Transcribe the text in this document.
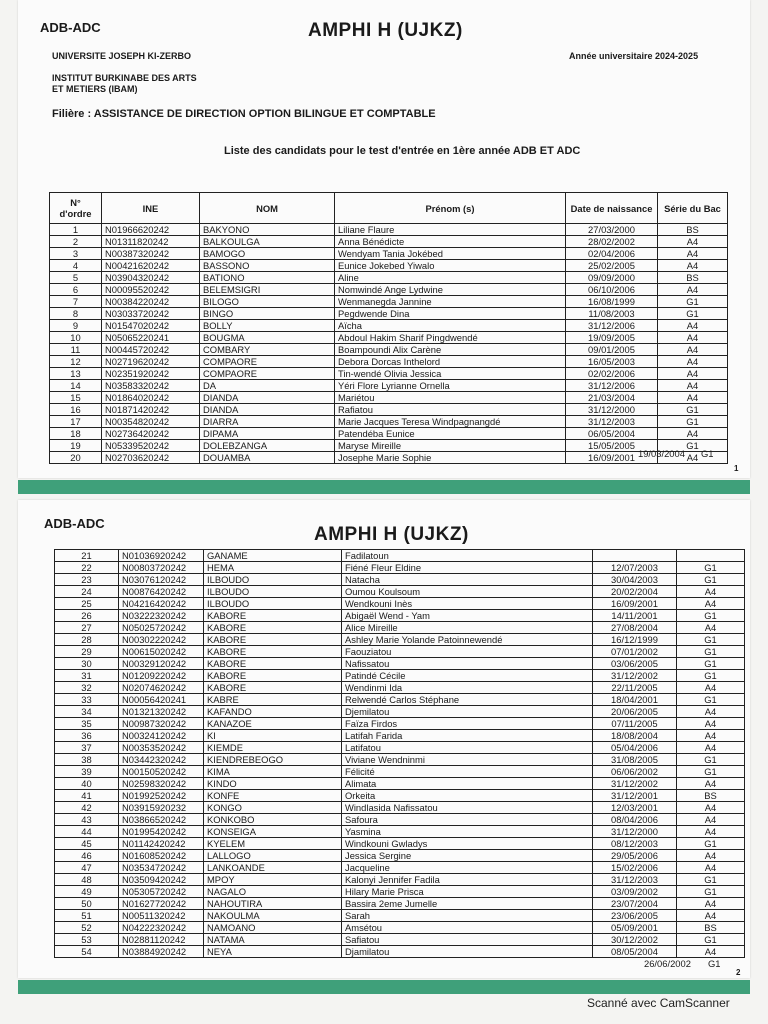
ADB-ADC	AMPHI H (UJKZ)
UNIVERSITE JOSEPH KI-ZERBO	Année universitaire 2024-2025
INSTITUT BURKINABE DES ARTS
ET METIERS (IBAM)
Filière : ASSISTANCE DE DIRECTION OPTION BILINGUE ET COMPTABLE
Liste des candidats pour le test d'entrée en 1ère année ADB ET ADC
N° d'ordre	INE	NOM	Prénom (s)	Date de naissance	Série du Bac
1	N01966620242	BAKYONO	Liliane Flaure	27/03/2000	BS
2	N01311820242	BALKOULGA	Anna Bénédicte	28/02/2002	A4
3	N00387320242	BAMOGO	Wendyam Tania Jokébed	02/04/2006	A4
4	N00421620242	BASSONO	Eunice Jokebed Yiwalo	25/02/2005	A4
5	N03904320242	BATIONO	Aline	09/09/2000	BS
6	N00095520242	BELEMSIGRI	Nomwindé Ange Lydwine	06/10/2006	A4
7	N00384220242	BILOGO	Wenmanegda Jannine	16/08/1999	G1
8	N03033720242	BINGO	Pegdwende Dina	11/08/2003	G1
9	N01547020242	BOLLY	Aïcha	31/12/2006	A4
10	N05065220241	BOUGMA	Abdoul Hakim Sharif Pingdwendé	19/09/2005	A4
11	N00445720242	COMBARY	Boampoundi Alix Carène	09/01/2005	A4
12	N02719620242	COMPAORE	Debora Dorcas Inthelord	16/05/2003	A4
13	N02351920242	COMPAORE	Tin-wendé Olivia Jessica	02/02/2006	A4
14	N03583320242	DA	Yéri Flore Lyrianne Ornella	31/12/2006	A4
15	N01864020242	DIANDA	Mariétou	21/03/2004	A4
16	N01871420242	DIANDA	Rafiatou	31/12/2000	G1
17	N00354820242	DIARRA	Marie Jacques Teresa Windpagnangdé	31/12/2003	G1
18	N02736420242	DIPAMA	Patendéba Eunice	06/05/2004	A4
19	N05339520242	DOLEBZANGA	Maryse Mireille	15/05/2005	G1
20	N02703620242	DOUAMBA	Josephe Marie Sophie	16/09/2001	A4
19/03/2004 G1
1
ADB-ADC
AMPHI H (UJKZ)
21	N01036920242	GANAME	Fadilatoun		
22	N00803720242	HEMA	Fiéné Fleur Eldine	12/07/2003	G1
23	N03076120242	ILBOUDO	Natacha	30/04/2003	G1
24	N00876420242	ILBOUDO	Oumou Koulsoum	20/02/2004	A4
25	N04216420242	ILBOUDO	Wendkouni Inès	16/09/2001	A4
26	N03222320242	KABORE	Abigaël Wend - Yam	14/11/2001	G1
27	N05025720242	KABORE	Alice Mireille	27/08/2004	A4
28	N00302220242	KABORE	Ashley Marie Yolande Patoinnewendé	16/12/1999	G1
29	N00615020242	KABORE	Faouziatou	07/01/2002	G1
30	N00329120242	KABORE	Nafissatou	03/06/2005	G1
31	N01209220242	KABORE	Patindé Cécile	31/12/2002	G1
32	N02074620242	KABORE	Wendinmi Ida	22/11/2005	A4
33	N00056420241	KABRE	Relwendé Carlos Stéphane	18/04/2001	G1
34	N01321320242	KAFANDO	Djemilatou	20/06/2005	A4
35	N00987320242	KANAZOE	Faïza Firdos	07/11/2005	A4
36	N00324120242	KI	Latifah Farida	18/08/2004	A4
37	N00353520242	KIEMDE	Latifatou	05/04/2006	A4
38	N03442320242	KIENDREBEOGO	Viviane Wendninmi	31/08/2005	G1
39	N00150520242	KIMA	Félicité	06/06/2002	G1
40	N02598320242	KINDO	Alimata	31/12/2002	A4
41	N01992520242	KONFE	Orkeita	31/12/2001	BS
42	N03915920232	KONGO	Windlasida Nafissatou	12/03/2001	A4
43	N03866520242	KONKOBO	Safoura	08/04/2006	A4
44	N01995420242	KONSEIGA	Yasmina	31/12/2000	A4
45	N01142420242	KYELEM	Windkouni Gwladys	08/12/2003	G1
46	N01608520242	LALLOGO	Jessica Sergine	29/05/2006	A4
47	N03534720242	LANKOANDE	Jacqueline	15/02/2006	A4
48	N03509420242	MPOY	Kalonyi Jennifer Fadila	31/12/2003	G1
49	N05305720242	NAGALO	Hilary Marie Prisca	03/09/2002	G1
50	N01627720242	NAHOUTIRA	Bassira 2eme Jumelle	23/07/2004	A4
51	N00511320242	NAKOULMA	Sarah	23/06/2005	A4
52	N04222320242	NAMOANO	Amsétou	05/09/2001	BS
53	N02881120242	NATAMA	Safiatou	30/12/2002	G1
54	N03884920242	NEYA	Djamilatou	08/05/2004	A4
26/06/2002 G1
2
Scanné avec CamScanner
